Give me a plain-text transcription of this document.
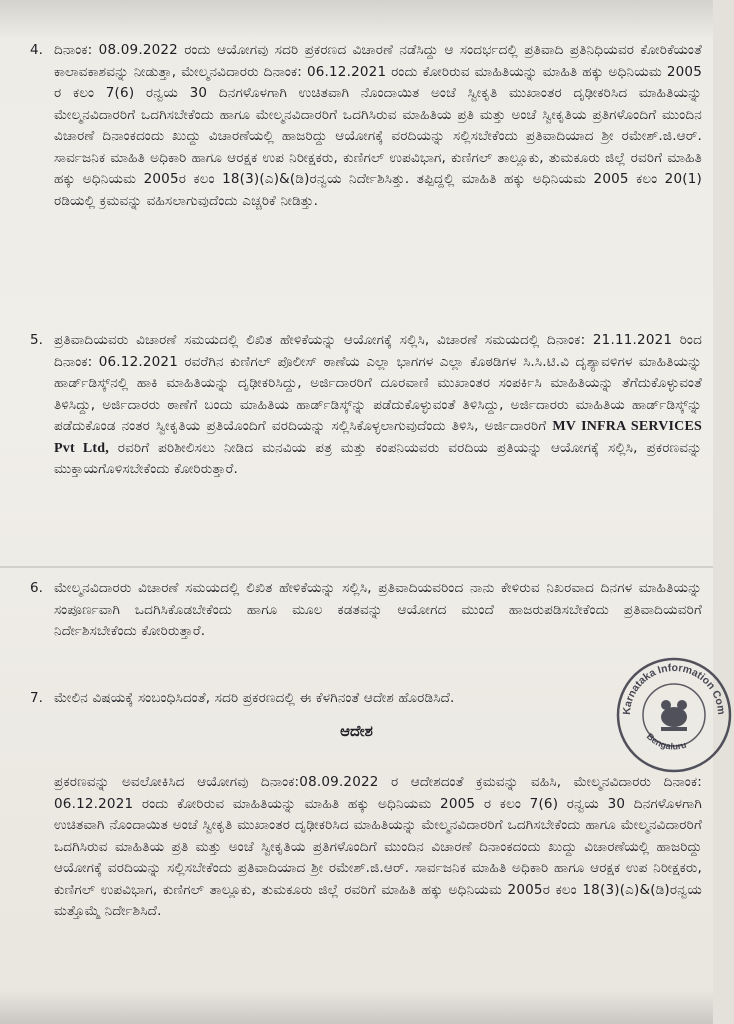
4. ದಿನಾಂಕ: 08.09.2022 ರಂದು ಆಯೋಗವು ಸದರಿ ಪ್ರಕರಣದ ವಿಚಾರಣೆ ನಡೆಸಿದ್ದು ಆ ಸಂದರ್ಭದಲ್ಲಿ ಪ್ರತಿವಾದಿ ಪ್ರತಿನಿಧಿಯವರ ಕೋರಿಕೆಯಂತೆ ಕಾಲಾವಕಾಶವನ್ನು ನೀಡುತ್ತಾ, ಮೇಲ್ಮನವಿದಾರರು ದಿನಾಂಕ: 06.12.2021 ರಂದು ಕೋರಿರುವ ಮಾಹಿತಿಯನ್ನು ಮಾಹಿತಿ ಹಕ್ಕು ಅಧಿನಿಯಮ 2005 ರ ಕಲಂ 7(6) ರನ್ವಯ 30 ದಿನಗಳೊಳಗಾಗಿ ಉಚಿತವಾಗಿ ನೊಂದಾಯಿತ ಅಂಚೆ ಸ್ವೀಕೃತಿ ಮುಖಾಂತರ ದೃಢೀಕರಿಸಿದ ಮಾಹಿತಿಯನ್ನು ಮೇಲ್ಮನವಿದಾರರಿಗೆ ಒದಗಿಸಬೇಕೆಂದು ಹಾಗೂ ಮೇಲ್ಮನವಿದಾರರಿಗೆ ಒದಗಿಸಿರುವ ಮಾಹಿತಿಯ ಪ್ರತಿ ಮತ್ತು ಅಂಚೆ ಸ್ವೀಕೃತಿಯ ಪ್ರತಿಗಳೊಂದಿಗೆ ಮುಂದಿನ ವಿಚಾರಣೆ ದಿನಾಂಕದಂದು ಖುದ್ದು ವಿಚಾರಣೆಯಲ್ಲಿ ಹಾಜರಿದ್ದು ಆಯೋಗಕ್ಕೆ ವರದಿಯನ್ನು ಸಲ್ಲಿಸಬೇಕೆಂದು ಪ್ರತಿವಾದಿಯಾದ ಶ್ರೀ ರಮೇಶ್.ಜಿ.ಆರ್. ಸಾರ್ವಜನಿಕ ಮಾಹಿತಿ ಅಧಿಕಾರಿ ಹಾಗೂ ಆರಕ್ಷಕ ಉಪ ನಿರೀಕ್ಷಕರು, ಕುಣಿಗಲ್ ಉಪವಿಭಾಗ, ಕುಣಿಗಲ್ ತಾಲ್ಲೂಕು, ತುಮಕೂರು ಜಿಲ್ಲೆ ರವರಿಗೆ ಮಾಹಿತಿ ಹಕ್ಕು ಅಧಿನಿಯಮ 2005ರ ಕಲಂ 18(3)(ಎ)&(ಡಿ)ರನ್ವಯ ನಿರ್ದೇಶಿಸಿತ್ತು. ತಪ್ಪಿದ್ದಲ್ಲಿ ಮಾಹಿತಿ ಹಕ್ಕು ಅಧಿನಿಯಮ 2005 ಕಲಂ 20(1) ರಡಿಯಲ್ಲಿ ಕ್ರಮವನ್ನು ವಹಿಸಲಾಗುವುದೆಂದು ಎಚ್ಚರಿಕೆ ನೀಡಿತ್ತು.
5. ಪ್ರತಿವಾದಿಯವರು ವಿಚಾರಣೆ ಸಮಯದಲ್ಲಿ ಲಿಖಿತ ಹೇಳಿಕೆಯನ್ನು ಆಯೋಗಕ್ಕೆ ಸಲ್ಲಿಸಿ, ವಿಚಾರಣೆ ಸಮಯದಲ್ಲಿ ದಿನಾಂಕ: 21.11.2021 ರಿಂದ ದಿನಾಂಕ: 06.12.2021 ರವರೆಗಿನ ಕುಣಿಗಲ್ ಪೊಲೀಸ್ ಠಾಣೆಯ ಎಲ್ಲಾ ಭಾಗಗಳ ಎಲ್ಲಾ ಕೊಠಡಿಗಳ ಸಿ.ಸಿ.ಟಿ.ವಿ ದೃಶ್ಯಾವಳಿಗಳ ಮಾಹಿತಿಯನ್ನು ಹಾರ್ಡ್‌ಡಿಸ್ಕ್‌ನಲ್ಲಿ ಹಾಕಿ ಮಾಹಿತಿಯನ್ನು ದೃಢೀಕರಿಸಿದ್ದು, ಅರ್ಜಿದಾರರಿಗೆ ದೂರವಾಣಿ ಮುಖಾಂತರ ಸಂಪರ್ಕಿಸಿ ಮಾಹಿತಿಯನ್ನು ತೆಗೆದುಕೊಳ್ಳುವಂತೆ ತಿಳಿಸಿದ್ದು, ಅರ್ಜಿದಾರರು ಠಾಣೆಗೆ ಬಂದು ಮಾಹಿತಿಯ ಹಾರ್ಡ್‌ಡಿಸ್ಕ್‌ನ್ನು ಪಡೆದುಕೊಳ್ಳುವಂತೆ ತಿಳಿಸಿದ್ದು, ಅರ್ಜಿದಾರರು ಮಾಹಿತಿಯ ಹಾರ್ಡ್‌ಡಿಸ್ಕ್‌ನ್ನು ಪಡೆದುಕೊಂಡ ನಂತರ ಸ್ವೀಕೃತಿಯ ಪ್ರತಿಯೊಂದಿಗೆ ವರದಿಯನ್ನು ಸಲ್ಲಿಸಿಕೊಳ್ಳಲಾಗುವುದೆಂದು ತಿಳಿಸಿ, ಅರ್ಜಿದಾರರಿಗೆ MV INFRA SERVICES Pvt Ltd, ರವರಿಗೆ ಪರಿಶೀಲಿಸಲು ನೀಡಿದ ಮನವಿಯ ಪತ್ರ ಮತ್ತು ಕಂಪನಿಯವರು ವರದಿಯ ಪ್ರತಿಯನ್ನು ಆಯೋಗಕ್ಕೆ ಸಲ್ಲಿಸಿ, ಪ್ರಕರಣವನ್ನು ಮುಕ್ತಾಯಗೊಳಿಸಬೇಕೆಂದು ಕೋರಿರುತ್ತಾರೆ.
6. ಮೇಲ್ಮನವಿದಾರರು ವಿಚಾರಣೆ ಸಮಯದಲ್ಲಿ ಲಿಖಿತ ಹೇಳಿಕೆಯನ್ನು ಸಲ್ಲಿಸಿ, ಪ್ರತಿವಾದಿಯವರಿಂದ ನಾನು ಕೇಳಿರುವ ನಿಖರವಾದ ದಿನಗಳ ಮಾಹಿತಿಯನ್ನು ಸಂಪೂರ್ಣವಾಗಿ ಒದಗಿಸಿಕೊಡಬೇಕೆಂದು ಹಾಗೂ ಮೂಲ ಕಡತವನ್ನು ಆಯೋಗದ ಮುಂದೆ ಹಾಜರುಪಡಿಸಬೇಕೆಂದು ಪ್ರತಿವಾದಿಯವರಿಗೆ ನಿರ್ದೇಶಿಸಬೇಕೆಂದು ಕೋರಿರುತ್ತಾರೆ.
7. ಮೇಲಿನ ವಿಷಯಕ್ಕೆ ಸಂಬಂಧಿಸಿದಂತೆ, ಸದರಿ ಪ್ರಕರಣದಲ್ಲಿ ಈ ಕೆಳಗಿನಂತೆ ಆದೇಶ ಹೊರಡಿಸಿದೆ.
ಆದೇಶ
ಪ್ರಕರಣವನ್ನು ಅವಲೋಕಿಸಿದ ಆಯೋಗವು ದಿನಾಂಕ:08.09.2022 ರ ಆದೇಶದಂತೆ ಕ್ರಮವನ್ನು ವಹಿಸಿ, ಮೇಲ್ಮನವಿದಾರರು ದಿನಾಂಕ: 06.12.2021 ರಂದು ಕೋರಿರುವ ಮಾಹಿತಿಯನ್ನು ಮಾಹಿತಿ ಹಕ್ಕು ಅಧಿನಿಯಮ 2005 ರ ಕಲಂ 7(6) ರನ್ವಯ 30 ದಿನಗಳೊಳಗಾಗಿ ಉಚಿತವಾಗಿ ನೊಂದಾಯಿತ ಅಂಚೆ ಸ್ವೀಕೃತಿ ಮುಖಾಂತರ ದೃಢೀಕರಿಸಿದ ಮಾಹಿತಿಯನ್ನು ಮೇಲ್ಮನವಿದಾರರಿಗೆ ಒದಗಿಸಬೇಕೆಂದು ಹಾಗೂ ಮೇಲ್ಮನವಿದಾರರಿಗೆ ಒದಗಿಸಿರುವ ಮಾಹಿತಿಯ ಪ್ರತಿ ಮತ್ತು ಅಂಚೆ ಸ್ವೀಕೃತಿಯ ಪ್ರತಿಗಳೊಂದಿಗೆ ಮುಂದಿನ ವಿಚಾರಣೆ ದಿನಾಂಕದಂದು ಖುದ್ದು ವಿಚಾರಣೆಯಲ್ಲಿ ಹಾಜರಿದ್ದು ಆಯೋಗಕ್ಕೆ ವರದಿಯನ್ನು ಸಲ್ಲಿಸಬೇಕೆಂದು ಪ್ರತಿವಾದಿಯಾದ ಶ್ರೀ ರಮೇಶ್.ಜಿ.ಆರ್. ಸಾರ್ವಜನಿಕ ಮಾಹಿತಿ ಅಧಿಕಾರಿ ಹಾಗೂ ಆರಕ್ಷಕ ಉಪ ನಿರೀಕ್ಷಕರು, ಕುಣಿಗಲ್ ಉಪವಿಭಾಗ, ಕುಣಿಗಲ್ ತಾಲ್ಲೂಕು, ತುಮಕೂರು ಜಿಲ್ಲೆ ರವರಿಗೆ ಮಾಹಿತಿ ಹಕ್ಕು ಅಧಿನಿಯಮ 2005ರ ಕಲಂ 18(3)(ಎ)&(ಡಿ)ರನ್ವಯ ಮತ್ತೊಮ್ಮೆ ನಿರ್ದೇಶಿಸಿದೆ.
Karnataka Information Com
Bengaluru
